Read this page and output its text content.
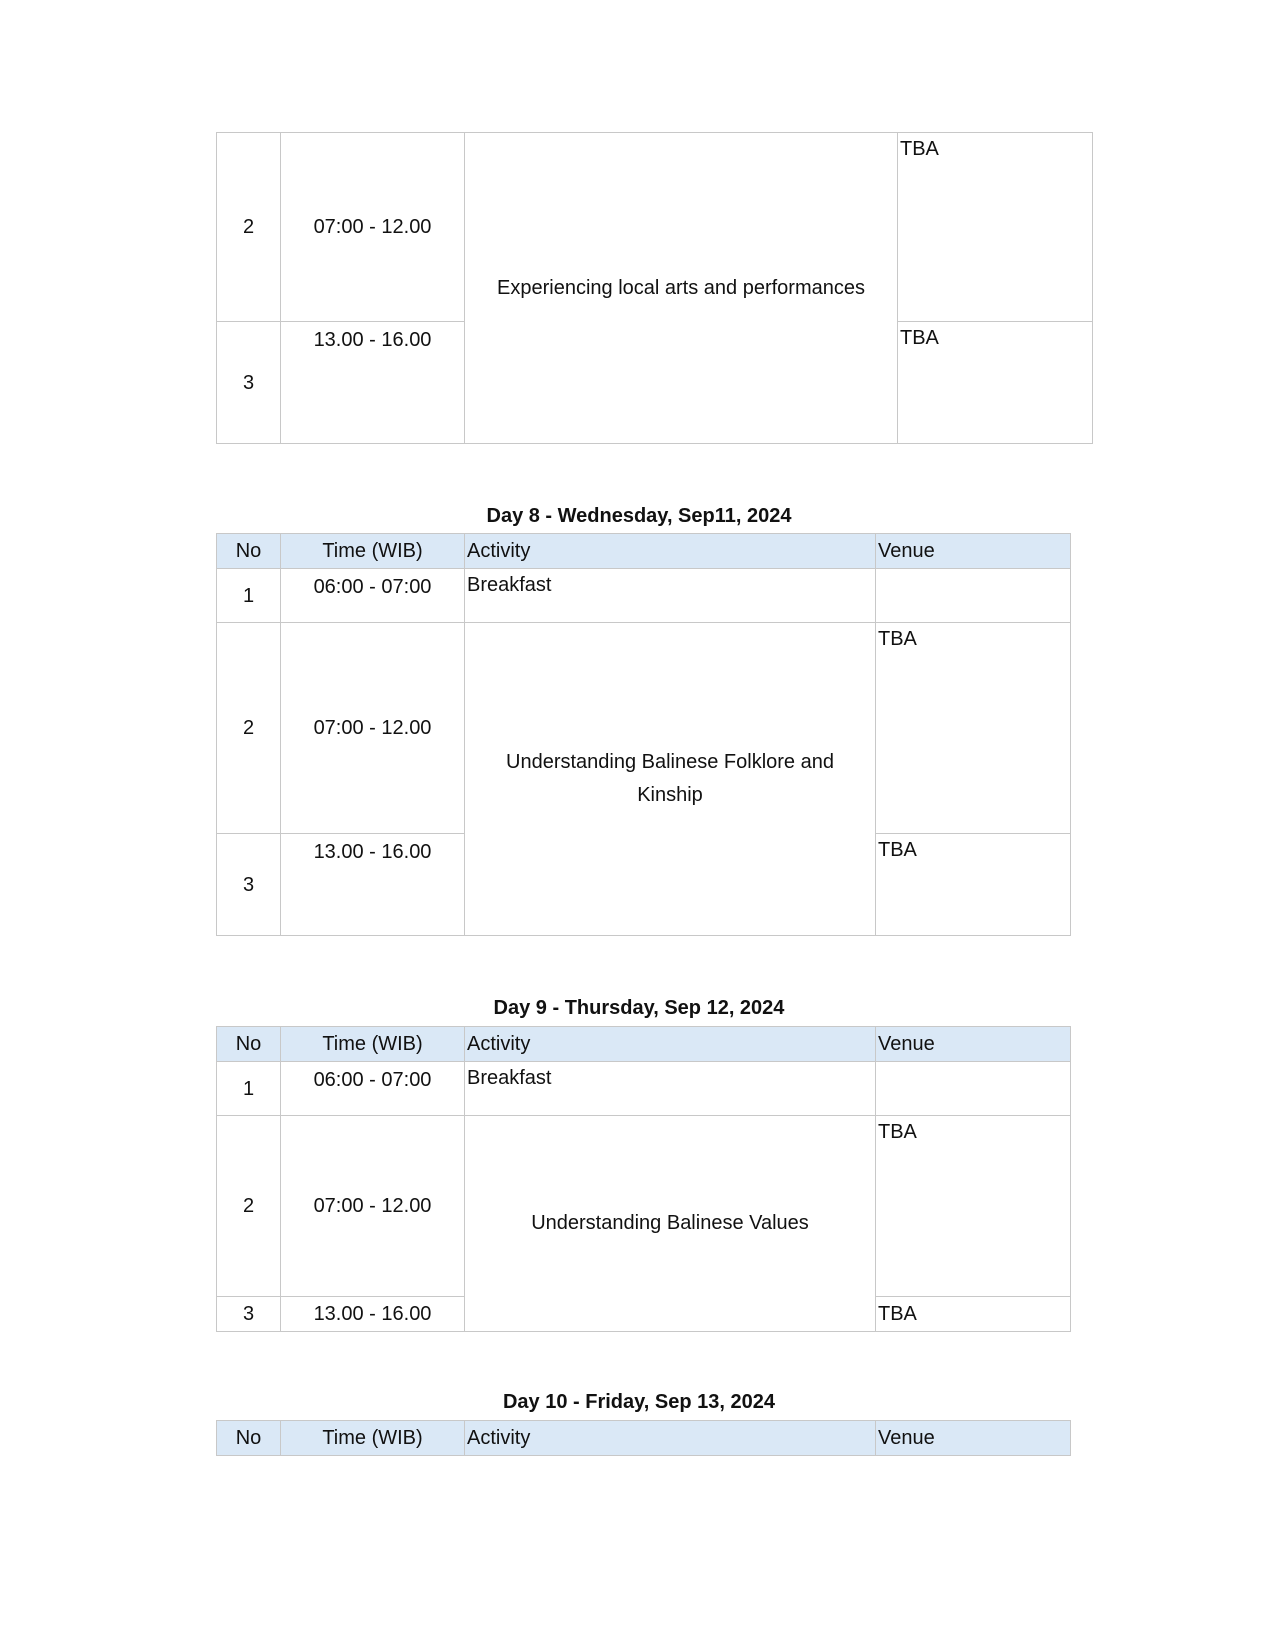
2	07:00 - 12.00	Experiencing local arts and performances	TBA
3	13.00 - 16.00		TBA
Day 8 - Wednesday, Sep11, 2024
No	Time (WIB)	Activity	Venue
1	06:00 - 07:00	Breakfast	
2	07:00 - 12.00	Understanding Balinese Folklore and Kinship	TBA
3	13.00 - 16.00		TBA
Day 9 - Thursday, Sep 12, 2024
No	Time (WIB)	Activity	Venue
1	06:00 - 07:00	Breakfast	
2	07:00 - 12.00	Understanding Balinese Values	TBA
3	13.00 - 16.00		TBA
Day 10 - Friday, Sep 13, 2024
No	Time (WIB)	Activity	Venue
